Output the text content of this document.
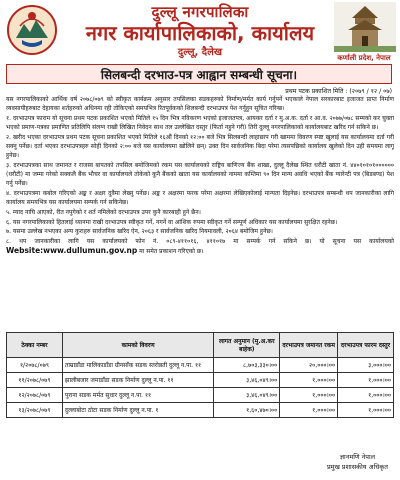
दुल्लू नगरपालिका
नगर कार्यापालिकाको, कार्यालय
दुल्लू, दैलेख	कर्णाली प्रदेश, नेपाल
सिलबन्दी दरभाउ-पत्र आह्वान सम्बन्धी सूचना।
प्रथम पटक प्रकाशित मिति : (२०७९ / १२ / ०७)

यस नगरपालिकाको आर्थिक वर्ष २०७८/०७९ को स्वीकृत कार्यक्रम अनुसार तपसिलका सडकहरुको निर्माण/मर्मत कार्य गर्नुपर्ने भएकाले नेपाल सरकारबाट इजाजत प्राप्त निर्माण व्यवसायीहरुबाट देहायका शर्तहरुको अधिनमा रही तोकिएको समयभित्र रितपूर्वकको शिलबन्दी दरभाउपत्र पेश गर्नुहुन सूचित गरिन्छ।

१. दरभाउपत्र फाराम यो सूचना प्रथम पटक प्रकाशित भएको मितिले १५ दिन भित्र नविकरण भएको इजाजतपत्र, आयकर दर्ता र मु.अ.क. दर्ता र आ.व. २०७७/०७८ सम्मको कर चुक्ता भएको प्रमाण-पत्रका प्रमाणित प्रतिलिपि संलग्न राखी लिखित निवेदन साथ तल उल्लेखित दस्तुर (फिर्ता नहुने गरी) तिरी दुल्लू नगरपालिकाको कार्यालयबाट खरिद गर्न सकिने छ।

२. खरीद भएका दरभाउपत्र प्रथम पटक सूचना प्रकाशित भएको मितिले १६औं दिनको १२:०० बजे भित्र सिलबन्दी लाहाछाप गरी खाममा विवरण स्पष्ट खुलाई यस कार्यालयमा दर्ता गरी सक्नु पर्नेछ। दर्ता भएका दरभाउपत्रहरु सोही दिनको २:०० बजे यस कार्यालयमा खोलिने छन्। उक्त दिन सार्वजनिक बिदा परेमा त्यसपछिको कार्यालय खुलेको दिन उही समयमा लागू हुनेछ।

३. दरभाउपत्रका साथ जमानत र राजस्व बापतको तपसिल बमोजिमको रकम यस कार्यालयको राष्ट्रिय बाणिज्य बैंक शाखा, दुल्लू दैलेख स्थित धरौटी खाता नं. ४४०१०१०१०००००० (धरौटी) मा जम्मा गरेको सक्कलै बैंक भौचर वा कार्यालयले तोकेको कुनै बैंकको खाता यस कार्यालयको नाममा कम्तिमा ९० दिन मान्य अवधि भएको बैंक ग्यारेन्टी पत्र (बिडबण्ड) पेश गर्नु पर्नेछ।

४. दरभाउपत्रमा कबोल गरिएको अङ्क र अक्षर दुवैमा लेख्नु पर्नेछ। अङ्क र अक्षरमा फरक परेमा अक्षरमा लेखिएकोलाई मान्यता दिइनेछ। दरभाउपत्र सम्बन्धी थप जानकारीका लागि कार्यालय समयभित्र यस कार्यालयमा सम्पर्क गर्न सकिनेछ।

५. म्याद नाघि आएको, रीत नपुगेको र शर्त नमिलेको दरभाउपत्र उपर कुनै कारबाही हुने छैन।

६. यस नगरपालिकाको हितलाई ध्यानमा राखी दरभाउपत्र स्वीकृत गर्ने, नगर्ने वा आंशिक रुपमा स्वीकृत गर्ने सम्पूर्ण अधिकार यस कार्यालयमा सुरक्षित रहनेछ।

७. यसमा उल्लेख नभएका अन्य कुराहरु सार्वजनिक खरिद ऐन, २०६३ र सार्वजनिक खरिद नियमावली, २०६४ बमोजिम हुनेछ।

८. थप जानकारीका लागि यस कार्यालयको फोन नं. ०८९-४११०१६, ४११०१७ मा सम्पर्क गर्न सकिने छ। यो सूचना यस कार्यालयको Website:www.dullumun.gov.np मा समेत प्रकाशन गरिएको छ।

ठेक्का नम्बर	कामको विवरण	लागत अनुमान (मु.अ.कर बाहेक)	दरभाउपत्र जमानत रकम	दरभाउपत्र फारम दस्तुर
१/२०७८/०७९	ताम्राडाँडा मालिकाडाँडा ग्रीनसाँक सडक स्तरोन्नती दुल्लू न.पा. ११	८,७०३,३३०।००	२०,०००।००	३,०००।००
११/२०७८/०७९	झालीबजार जमाडाँडा सडक निर्माण दुल्लू न.पा. ११	३,४६,०४९।००	१,०००।००	१,०००।००
१२/२०७८/०७९	पुराना सडक मर्मत सुधार दुल्लू न.पा. ११	३,४६,०४९।००	१,०००।००	१,०००।००
१३/२०७८/०७९	दुल्लाबोटा ठोटा सडक निर्माण दुल्लू न.पा. १	१,६०,४७०।००	१,०००।००	१,०००।००
ज्ञानमणि नेपाल
प्रमुख प्रशासकीय अधिकृत
